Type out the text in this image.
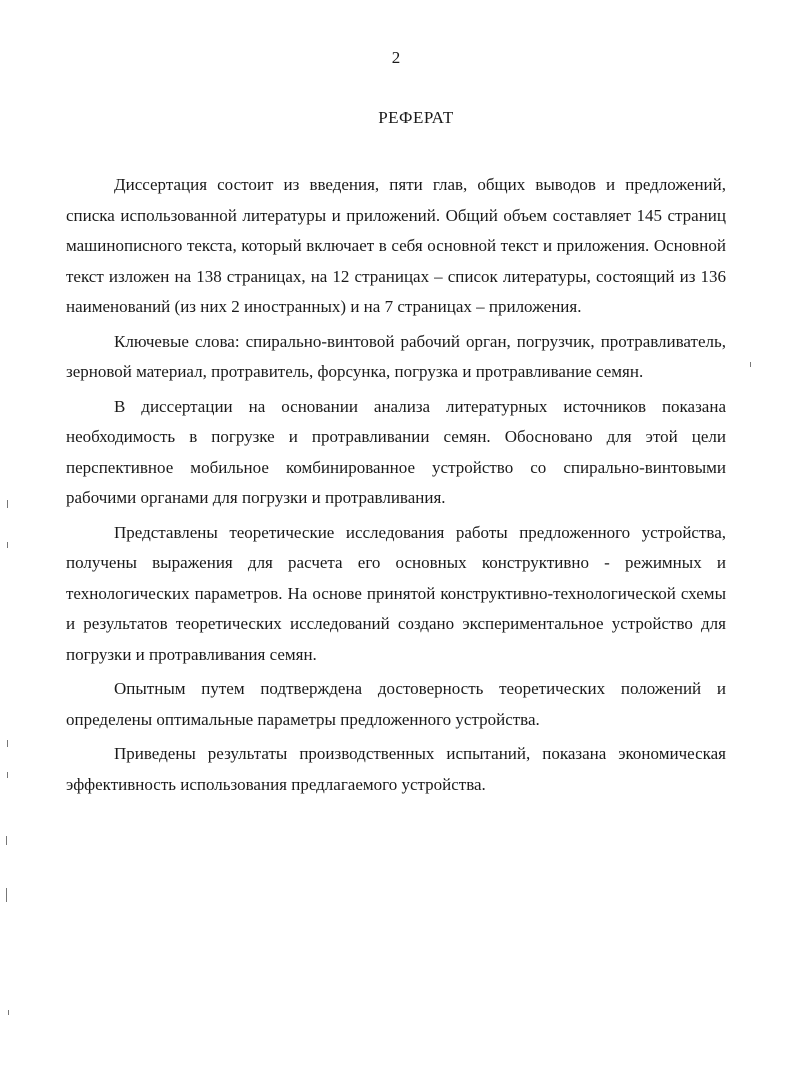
2
РЕФЕРАТ

Диссертация состоит из введения, пяти глав, общих выводов и предложений, списка использованной литературы и приложений. Общий объем составляет 145 страниц машинописного текста, который включает в себя основной текст и приложения. Основной текст изложен на 138 страницах, на 12 страницах – список литературы, состоящий из 136 наименований (из них 2 иностранных) и на 7 страницах – приложения.

Ключевые слова: спирально-винтовой рабочий орган, погрузчик, протравливатель, зерновой материал, протравитель, форсунка, погрузка и протравливание семян.

В диссертации на основании анализа литературных источников показана необходимость в погрузке и протравливании семян. Обосновано для этой цели перспективное мобильное комбинированное устройство со спирально-винтовыми рабочими органами для погрузки и протравливания.

Представлены теоретические исследования работы предложенного устройства, получены выражения для расчета его основных конструктивно - режимных и технологических параметров. На основе принятой конструктивно-технологической схемы и результатов теоретических исследований создано экспериментальное устройство для погрузки и протравливания семян.

Опытным путем подтверждена достоверность теоретических положений и определены оптимальные параметры предложенного устройства.

Приведены результаты производственных испытаний, показана экономическая эффективность использования предлагаемого устройства.
